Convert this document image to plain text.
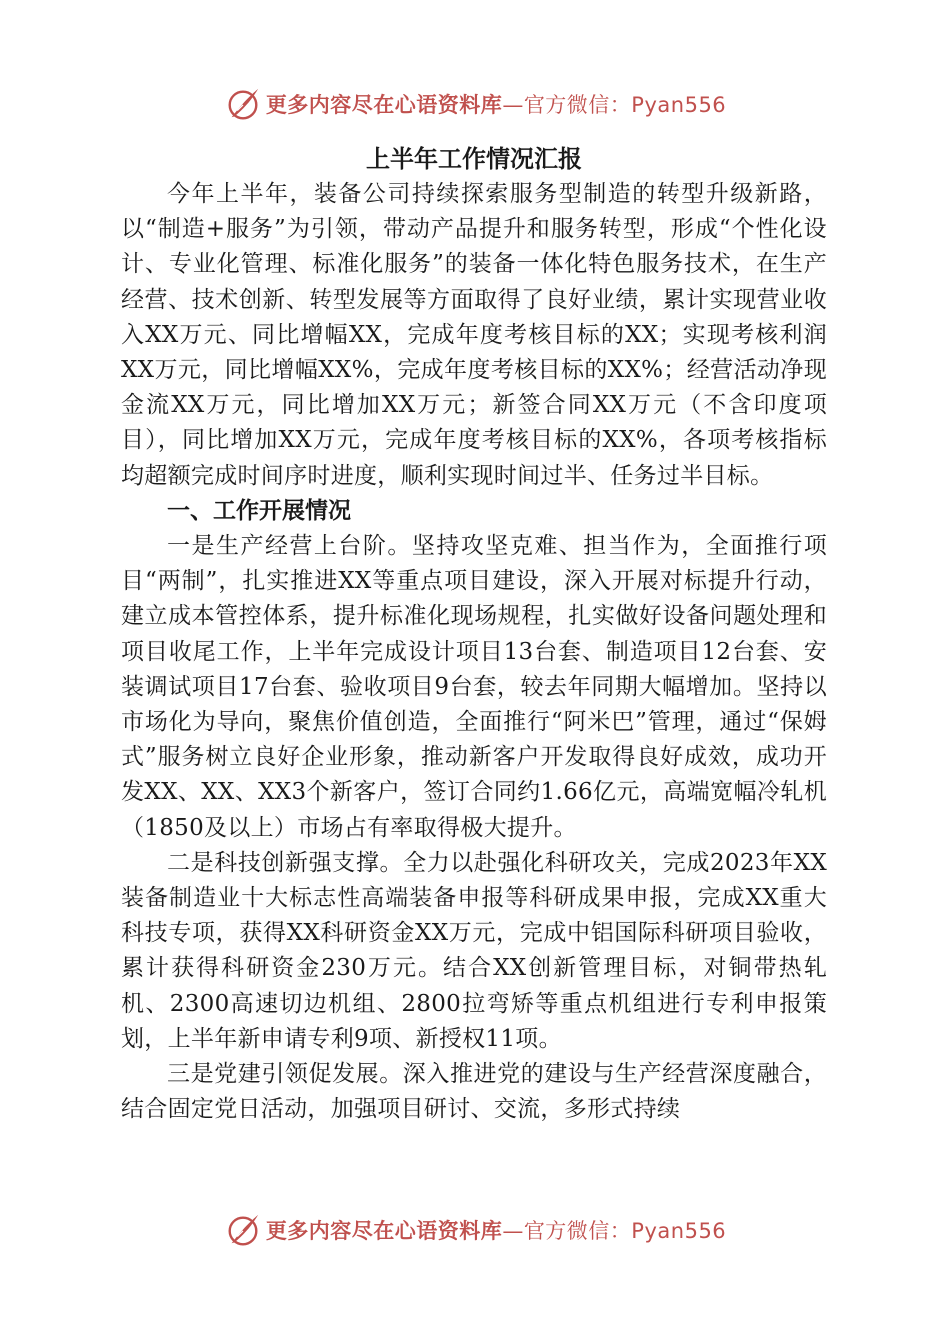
更多内容尽在心语资料库 —官方微信：Pyan556
上半年工作情况汇报

今年上半年，装备公司持续探索服务型制造的转型升级新路，以“制造+服务”为引领，带动产品提升和服务转型，形成“个性化设计、专业化管理、标准化服务”的装备一体化特色服务技术，在生产经营、技术创新、转型发展等方面取得了良好业绩，累计实现营业收入XX万元、同比增幅XX，完成年度考核目标的XX；实现考核利润XX万元，同比增幅XX%，完成年度考核目标的XX%；经营活动净现金流XX万元，同比增加XX万元；新签合同XX万元（不含印度项目），同比增加XX万元，完成年度考核目标的XX%，各项考核指标均超额完成时间序时进度，顺利实现时间过半、任务过半目标。

一、工作开展情况

一是生产经营上台阶。坚持攻坚克难、担当作为，全面推行项目“两制”，扎实推进XX等重点项目建设，深入开展对标提升行动，建立成本管控体系，提升标准化现场规程，扎实做好设备问题处理和项目收尾工作，上半年完成设计项目13台套、制造项目12台套、安装调试项目17台套、验收项目9台套，较去年同期大幅增加。坚持以市场化为导向，聚焦价值创造，全面推行“阿米巴”管理，通过“保姆式”服务树立良好企业形象，推动新客户开发取得良好成效，成功开发XX、XX、XX3个新客户，签订合同约1.66亿元，高端宽幅冷轧机（1850及以上）市场占有率取得极大提升。

二是科技创新强支撑。全力以赴强化科研攻关，完成2023年XX装备制造业十大标志性高端装备申报等科研成果申报，完成XX重大科技专项，获得XX科研资金XX万元，完成中铝国际科研项目验收，累计获得科研资金230万元。结合XX创新管理目标，对铜带热轧机、2300高速切边机组、2800拉弯矫等重点机组进行专利申报策划，上半年新申请专利9项、新授权11项。

三是党建引领促发展。深入推进党的建设与生产经营深度融合，结合固定党日活动，加强项目研讨、交流，多形式持续

更多内容尽在心语资料库 —官方微信：Pyan556
